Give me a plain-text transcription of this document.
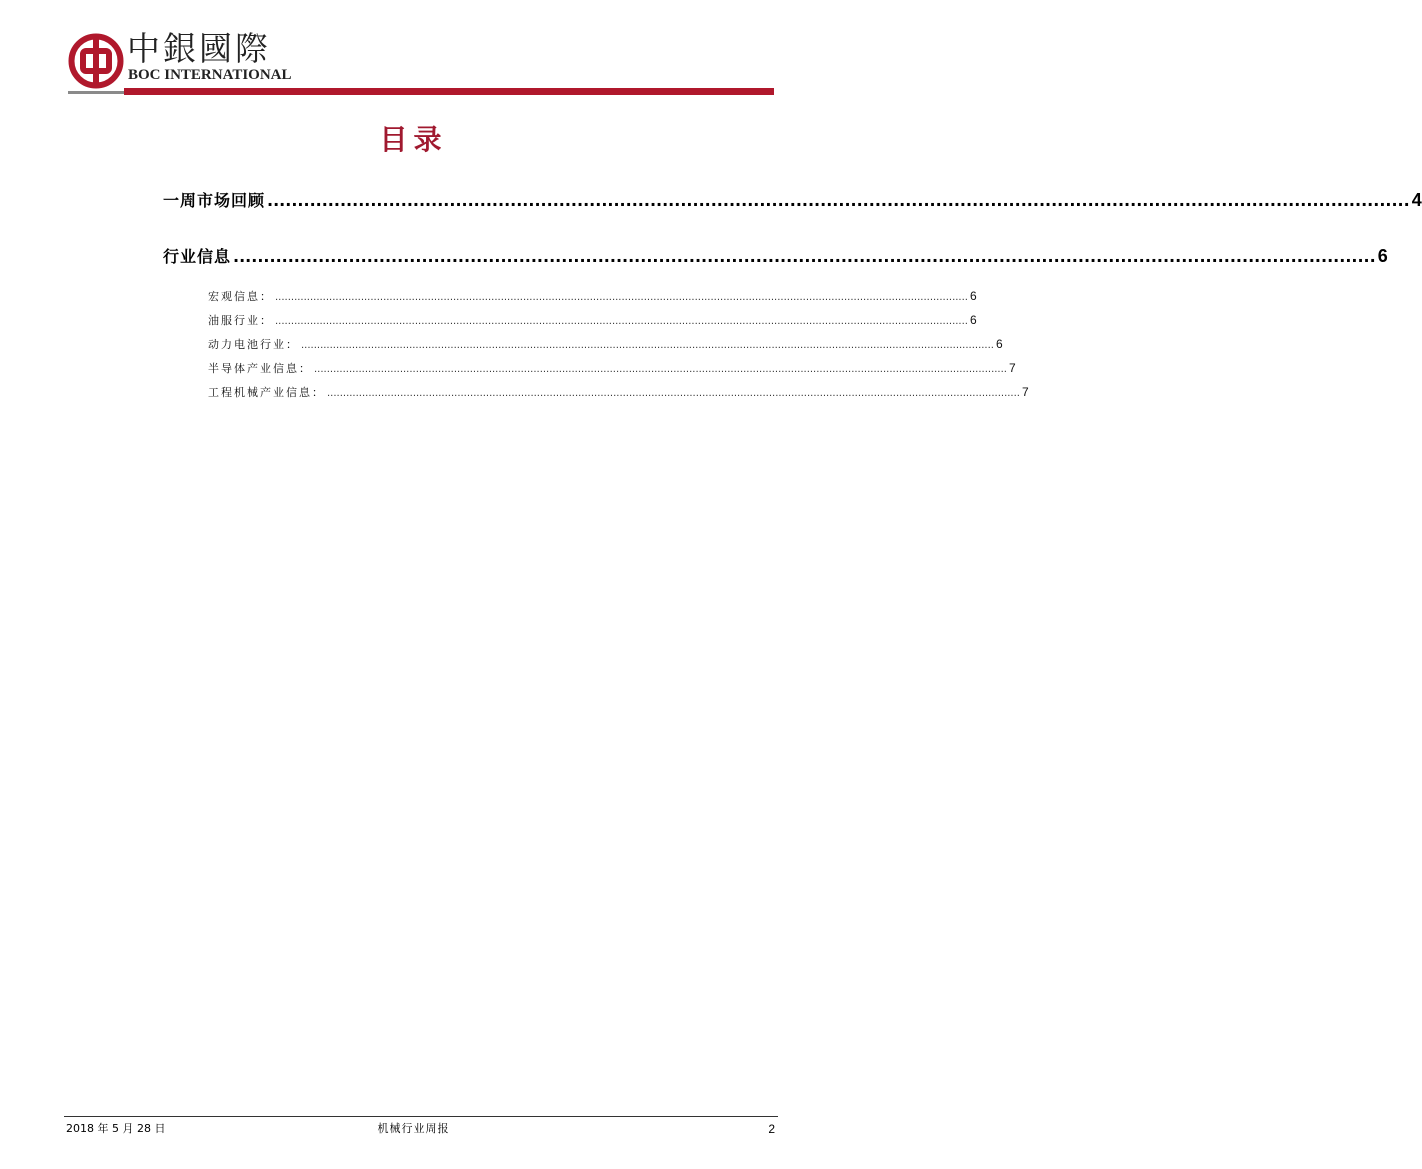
中銀國際
BOC INTERNATIONAL
目录
一周市场回顾 ............................................................................................................................................................................................ 4
行业信息 ............................................................................................................................................................................................ 6
宏观信息： .......................................................................................................................................................................................................................... 6
油服行业： .......................................................................................................................................................................................................................... 6
动力电池行业： .......................................................................................................................................................................................................................... 6
半导体产业信息： .......................................................................................................................................................................................................................... 7
工程机械产业信息： .......................................................................................................................................................................................................................... 7
2018 年 5 月 28 日	机械行业周报	2
